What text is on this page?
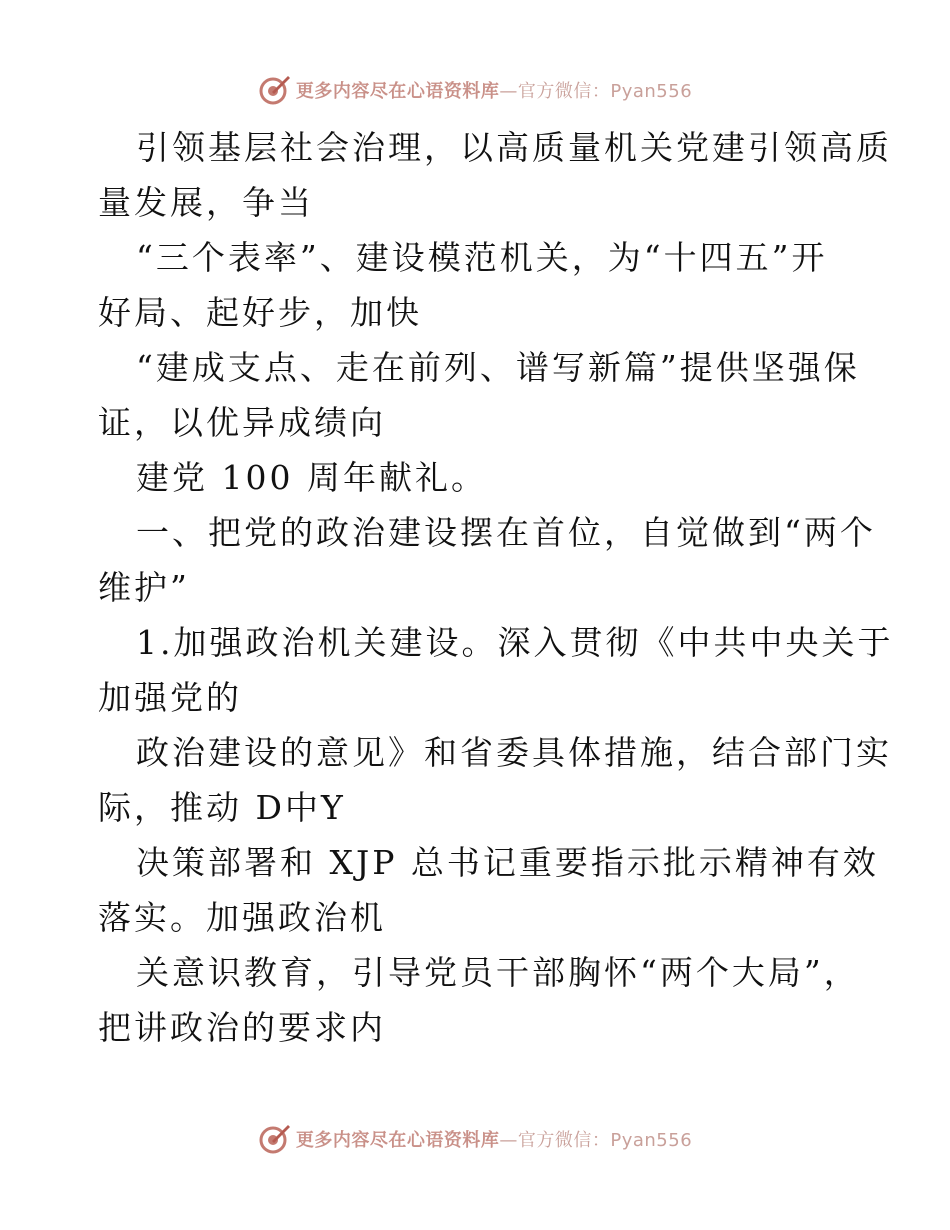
更多内容尽在心语资料库—官方微信：Pyan556

引领基层社会治理，以高质量机关党建引领高质

量发展，争当

“三个表率”、建设模范机关，为“十四五”开

好局、起好步，加快

“建成支点、走在前列、谱写新篇”提供坚强保

证，以优异成绩向

建党 100 周年献礼。

一、把党的政治建设摆在首位，自觉做到“两个

维护”

1.加强政治机关建设。深入贯彻《中共中央关于

加强党的

政治建设的意见》和省委具体措施，结合部门实

际，推动 D中Y

决策部署和 XJP 总书记重要指示批示精神有效

落实。加强政治机

关意识教育，引导党员干部胸怀“两个大局”，

把讲政治的要求内

更多内容尽在心语资料库—官方微信：Pyan556
